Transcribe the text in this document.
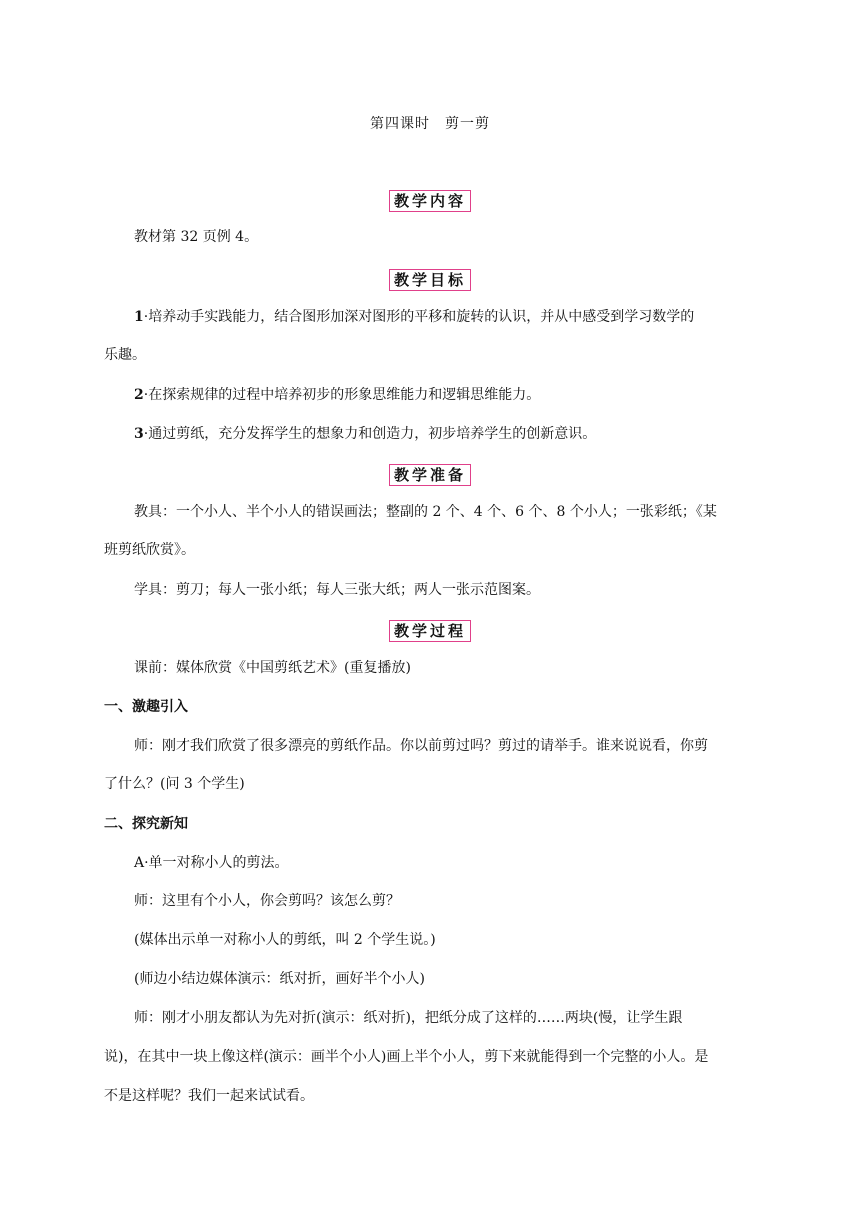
第四课时　剪一剪
教学内容
教材第 32 页例 4。
教学目标
1·培养动手实践能力，结合图形加深对图形的平移和旋转的认识，并从中感受到学习数学的
乐趣。
2·在探索规律的过程中培养初步的形象思维能力和逻辑思维能力。
3·通过剪纸，充分发挥学生的想象力和创造力，初步培养学生的创新意识。
教学准备
教具：一个小人、半个小人的错误画法；整副的 2 个、4 个、6 个、8 个小人；一张彩纸；《某
班剪纸欣赏》。
学具：剪刀；每人一张小纸；每人三张大纸；两人一张示范图案。
教学过程
课前：媒体欣赏《中国剪纸艺术》(重复播放)
一、激趣引入
师：刚才我们欣赏了很多漂亮的剪纸作品。你以前剪过吗？剪过的请举手。谁来说说看，你剪
了什么？(问 3 个学生)
二、探究新知
A·单一对称小人的剪法。
师：这里有个小人，你会剪吗？该怎么剪？
(媒体出示单一对称小人的剪纸，叫 2 个学生说。)
(师边小结边媒体演示：纸对折，画好半个小人)
师：刚才小朋友都认为先对折(演示：纸对折)，把纸分成了这样的……两块(慢，让学生跟
说)，在其中一块上像这样(演示：画半个小人)画上半个小人，剪下来就能得到一个完整的小人。是
不是这样呢？我们一起来试试看。
